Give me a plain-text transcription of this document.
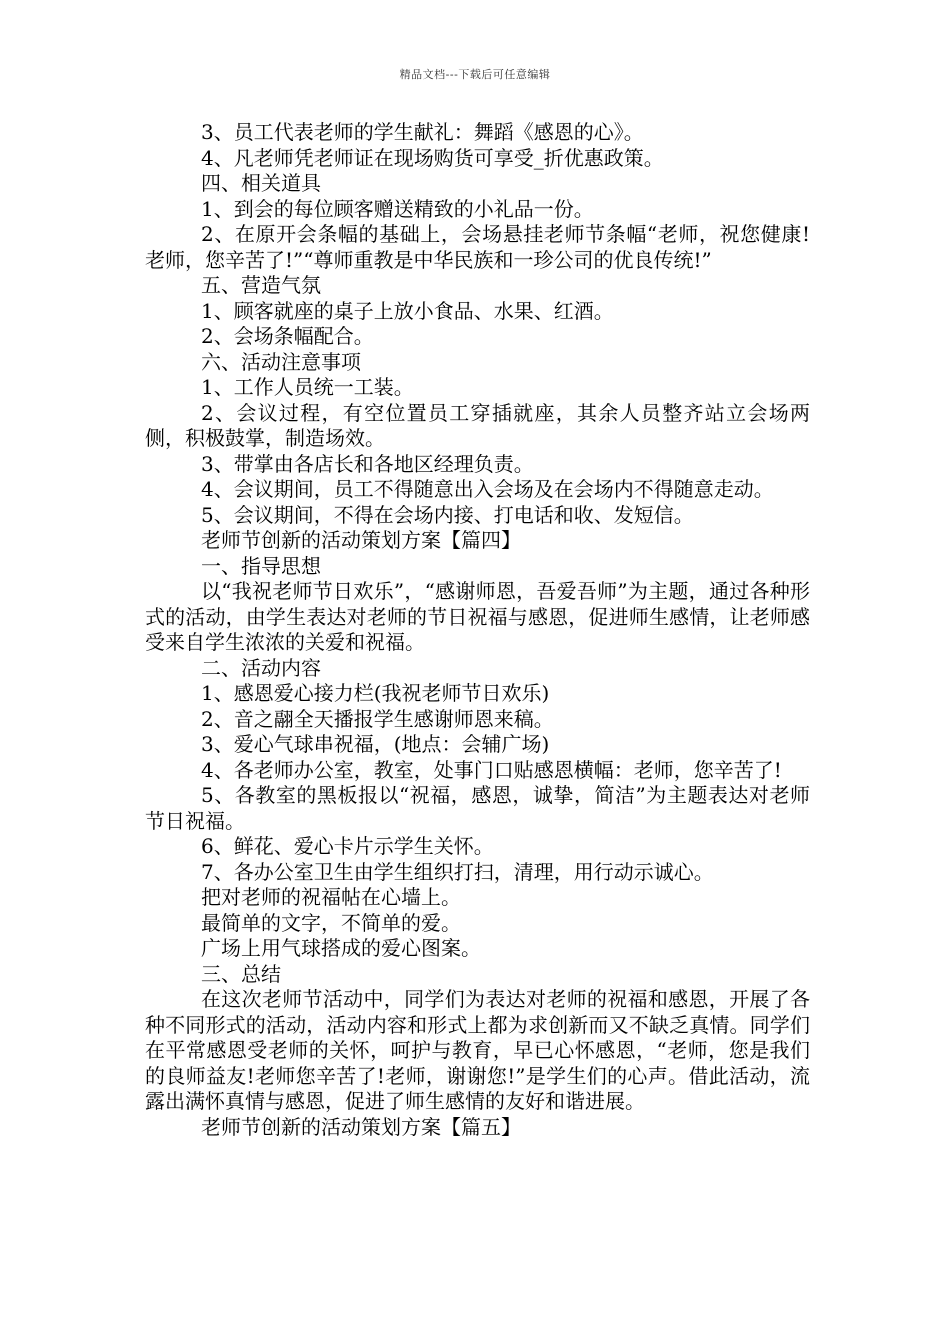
精品文档---下载后可任意编辑

3、员工代表老师的学生献礼：舞蹈《感恩的心》。

4、凡老师凭老师证在现场购货可享受_折优惠政策。

四、相关道具

1、到会的每位顾客赠送精致的小礼品一份。

2、在原开会条幅的基础上，会场悬挂老师节条幅“老师，祝您健康!老师，您辛苦了!”“尊师重教是中华民族和一珍公司的优良传统!”

五、营造气氛

1、顾客就座的桌子上放小食品、水果、红酒。

2、会场条幅配合。

六、活动注意事项

1、工作人员统一工装。

2、会议过程，有空位置员工穿插就座，其余人员整齐站立会场两侧，积极鼓掌，制造场效。

3、带掌由各店长和各地区经理负责。

4、会议期间，员工不得随意出入会场及在会场内不得随意走动。

5、会议期间，不得在会场内接、打电话和收、发短信。

老师节创新的活动策划方案【篇四】

一、指导思想

以“我祝老师节日欢乐”，“感谢师恩，吾爱吾师”为主题，通过各种形式的活动，由学生表达对老师的节日祝福与感恩，促进师生感情，让老师感受来自学生浓浓的关爱和祝福。

二、活动内容

1、感恩爱心接力栏(我祝老师节日欢乐)

2、音之翮全天播报学生感谢师恩来稿。

3、爱心气球串祝福，(地点：会辅广场)

4、各老师办公室，教室，处事门口贴感恩横幅：老师，您辛苦了!

5、各教室的黑板报以“祝福，感恩，诚挚，简洁”为主题表达对老师节日祝福。

6、鲜花、爱心卡片示学生关怀。

7、各办公室卫生由学生组织打扫，清理，用行动示诚心。

把对老师的祝福帖在心墙上。

最简单的文字，不简单的爱。

广场上用气球搭成的爱心图案。

三、总结

在这次老师节活动中，同学们为表达对老师的祝福和感恩，开展了各种不同形式的活动，活动内容和形式上都为求创新而又不缺乏真情。同学们在平常感恩受老师的关怀，呵护与教育，早已心怀感恩，“老师，您是我们的良师益友!老师您辛苦了!老师，谢谢您!”是学生们的心声。借此活动，流露出满怀真情与感恩，促进了师生感情的友好和谐进展。

老师节创新的活动策划方案【篇五】
